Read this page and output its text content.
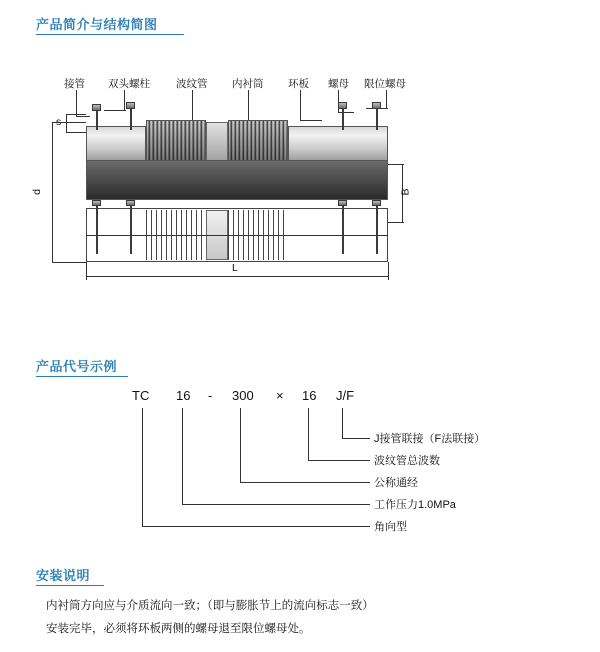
产品简介与结构简图
接管 双头螺柱 波纹管 内衬筒 环板 螺母 限位螺母
d	B
L
产品代号示例
TC 16 - 300 × 16 J/F
J接管联接（F法联接）
波纹管总波数
公称通经
工作压力1.0MPa
角向型
安装说明

内衬筒方向应与介质流向一致；（即与膨胀节上的流向标志一致）

安装完毕，必须将环板两侧的螺母退至限位螺母处。
